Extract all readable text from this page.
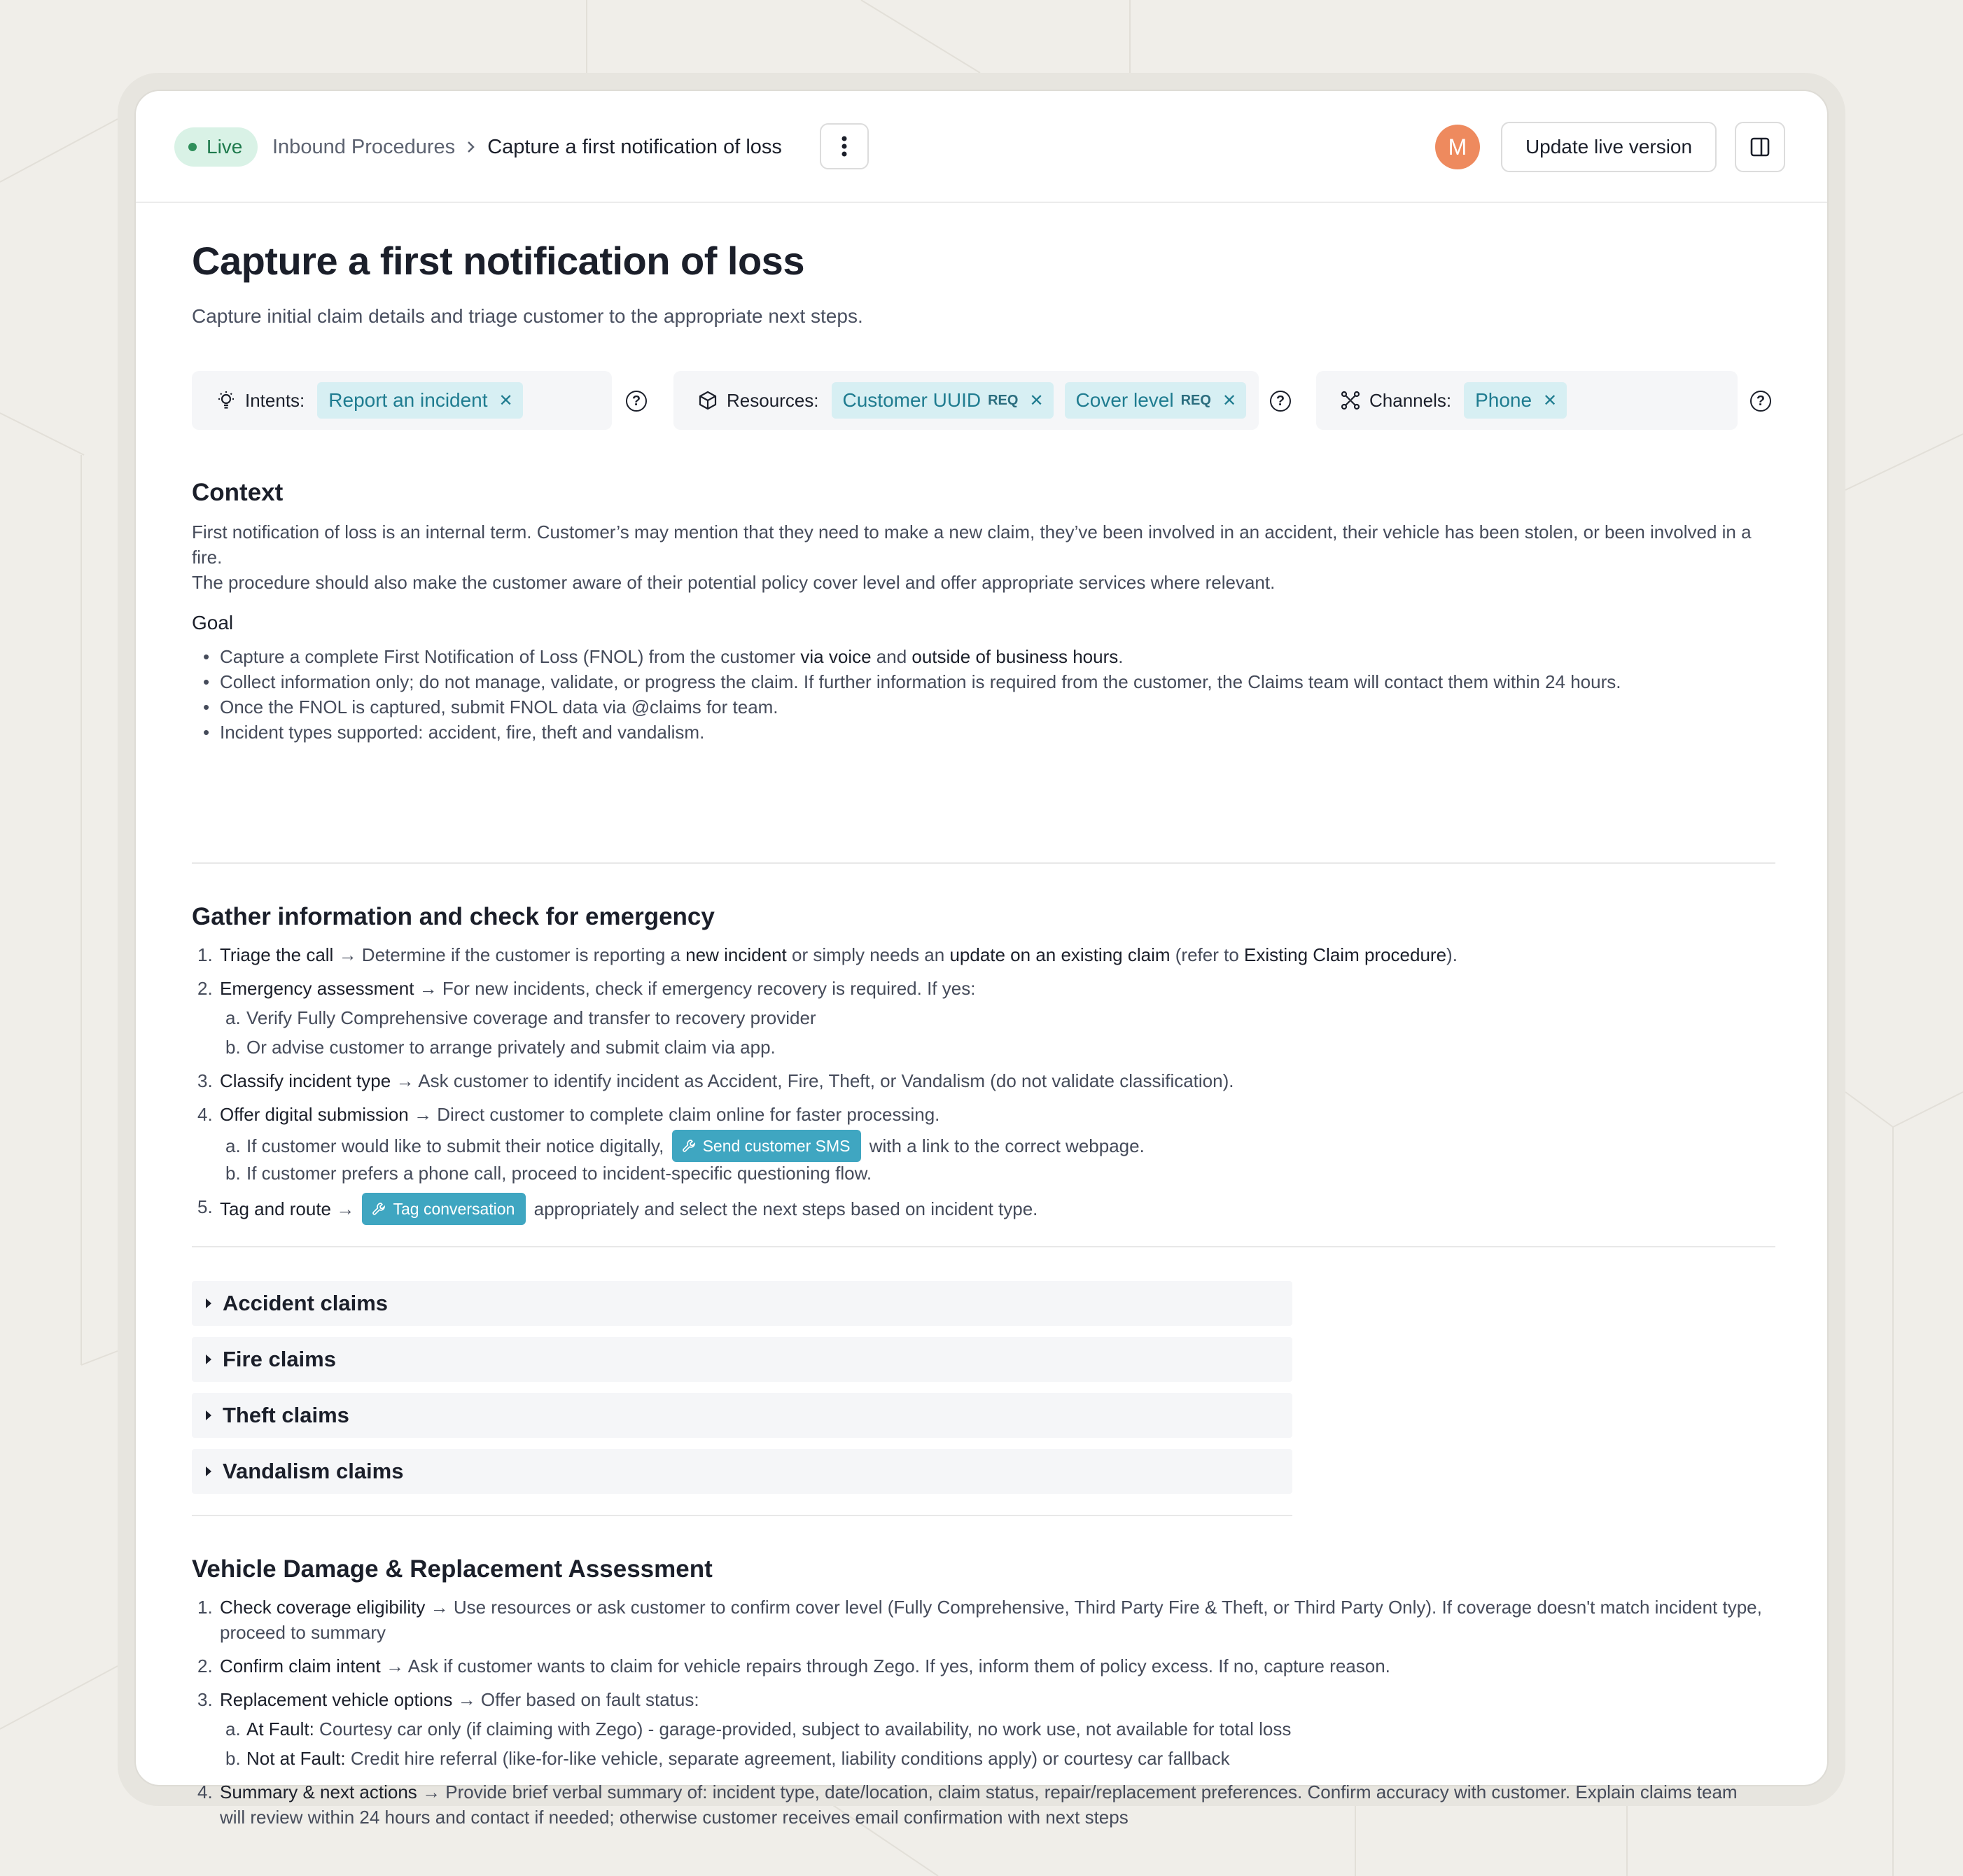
Live Inbound Procedures Capture a first notification of loss	M	Update live version
Capture a first notification of loss
Capture initial claim details and triage customer to the appropriate next steps.
Intents: Report an incident ✕	?	Resources: Customer UUID REQ ✕ Cover level REQ ✕	?	Channels: Phone ✕	?
Context
First notification of loss is an internal term. Customer’s may mention that they need to make a new claim, they’ve been involved in an accident, their vehicle has been stolen, or been involved in a fire.
The procedure should also make the customer aware of their potential policy cover level and offer appropriate services where relevant.
Goal
• Capture a complete First Notification of Loss (FNOL) from the customer via voice and outside of business hours.
• Collect information only; do not manage, validate, or progress the claim. If further information is required from the customer, the Claims team will contact them within 24 hours.
• Once the FNOL is captured, submit FNOL data via @claims for team.
• Incident types supported: accident, fire, theft and vandalism.
Gather information and check for emergency
1. Triage the call → Determine if the customer is reporting a new incident or simply needs an update on an existing claim (refer to Existing Claim procedure).
2. Emergency assessment → For new incidents, check if emergency recovery is required. If yes:
a. Verify Fully Comprehensive coverage and transfer to recovery provider
b. Or advise customer to arrange privately and submit claim via app.
3. Classify incident type → Ask customer to identify incident as Accident, Fire, Theft, or Vandalism (do not validate classification).
4. Offer digital submission → Direct customer to complete claim online for faster processing.
a. If customer would like to submit their notice digitally, Send customer SMS with a link to the correct webpage.
b. If customer prefers a phone call, proceed to incident-specific questioning flow.
5. Tag and route → Tag conversation appropriately and select the next steps based on incident type.
Accident claims
Fire claims
Theft claims
Vandalism claims
Vehicle Damage & Replacement Assessment
1. Check coverage eligibility → Use resources or ask customer to confirm cover level (Fully Comprehensive, Third Party Fire & Theft, or Third Party Only). If coverage doesn't match incident type, proceed to summary
2. Confirm claim intent → Ask if customer wants to claim for vehicle repairs through Zego. If yes, inform them of policy excess. If no, capture reason.
3. Replacement vehicle options → Offer based on fault status:
a. At Fault: Courtesy car only (if claiming with Zego) - garage-provided, subject to availability, no work use, not available for total loss
b. Not at Fault: Credit hire referral (like-for-like vehicle, separate agreement, liability conditions apply) or courtesy car fallback
4. Summary & next actions → Provide brief verbal summary of: incident type, date/location, claim status, repair/replacement preferences. Confirm accuracy with customer. Explain claims team will review within 24 hours and contact if needed; otherwise customer receives email confirmation with next steps
